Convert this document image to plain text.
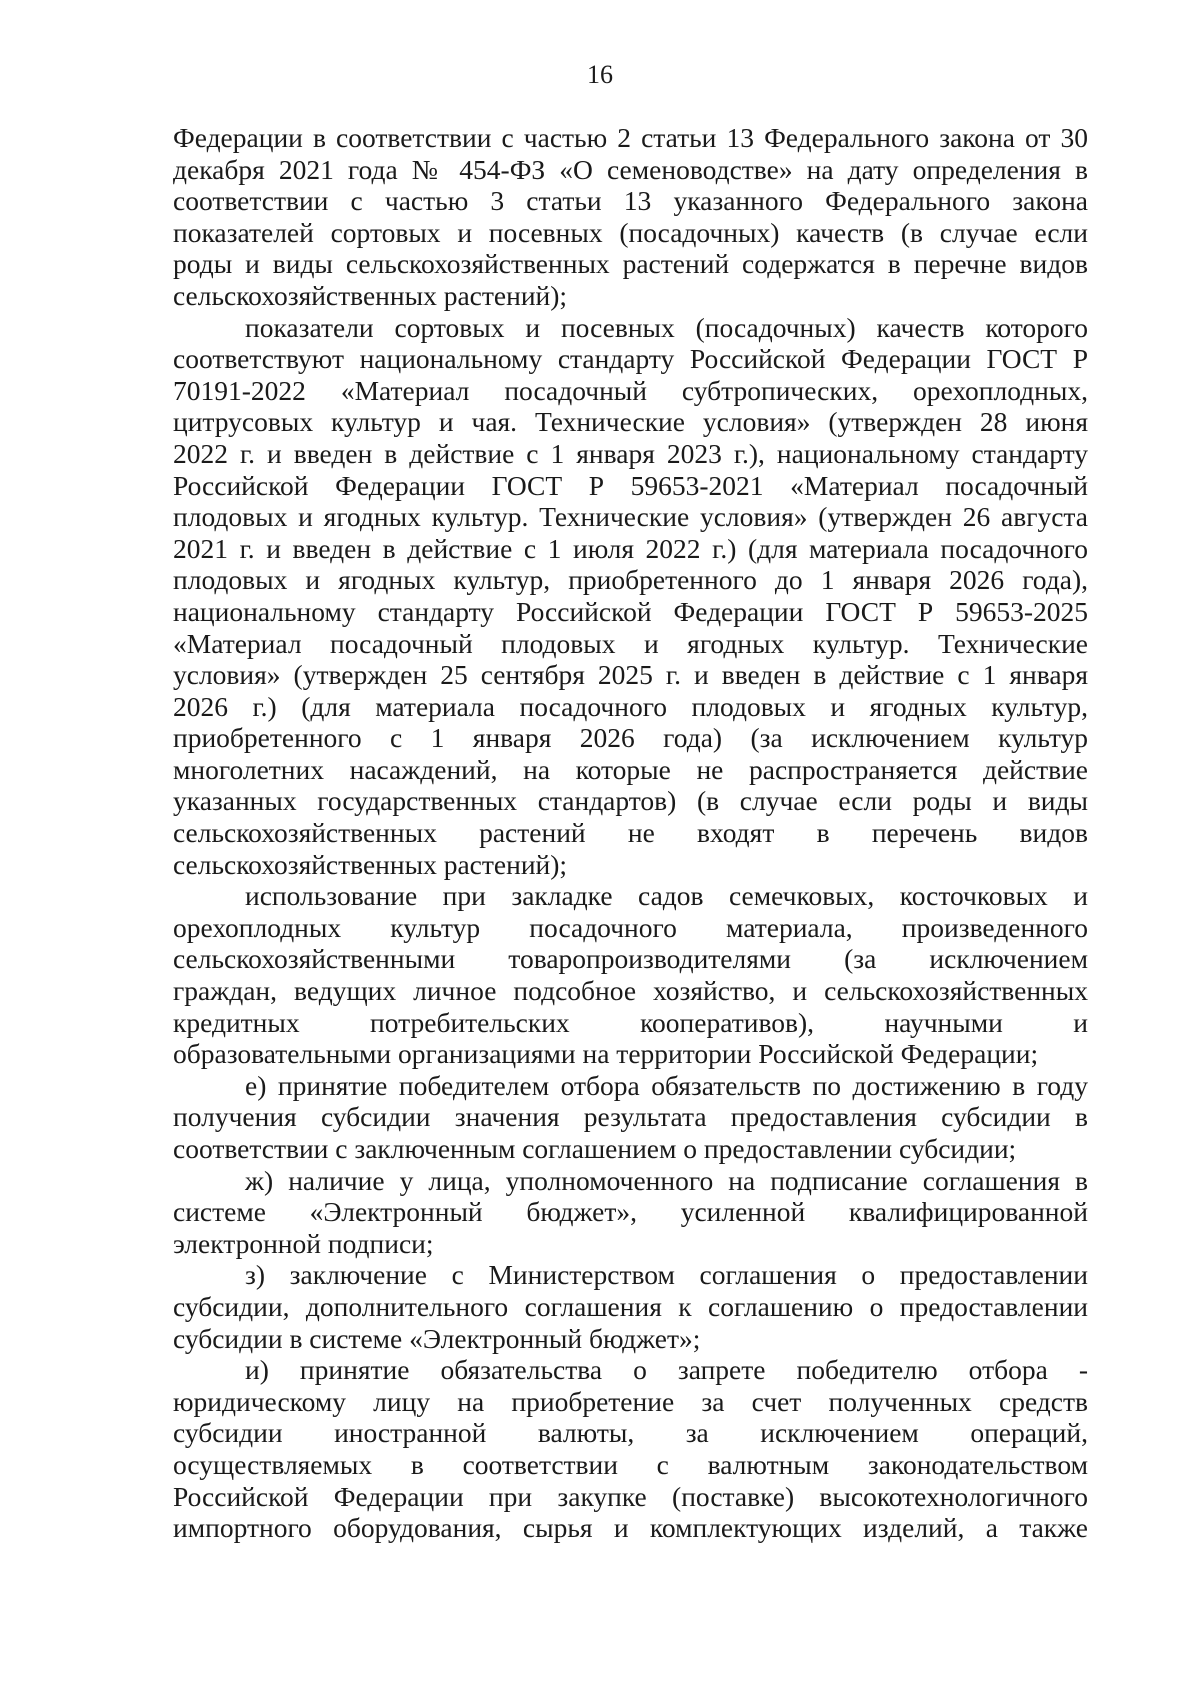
16
Федерации в соответствии с частью 2 статьи 13 Федерального закона от 30
декабря 2021 года № 454-ФЗ «О семеноводстве» на дату определения в
соответствии с частью 3 статьи 13 указанного Федерального закона
показателей сортовых и посевных (посадочных) качеств (в случае если
роды и виды сельскохозяйственных растений содержатся в перечне видов
сельскохозяйственных растений);
показатели сортовых и посевных (посадочных) качеств которого
соответствуют национальному стандарту Российской Федерации ГОСТ Р
70191-2022 «Материал посадочный субтропических, орехоплодных,
цитрусовых культур и чая. Технические условия» (утвержден 28 июня
2022 г. и введен в действие с 1 января 2023 г.), национальному стандарту
Российской Федерации ГОСТ Р 59653-2021 «Материал посадочный
плодовых и ягодных культур. Технические условия» (утвержден 26 августа
2021 г. и введен в действие с 1 июля 2022 г.) (для материала посадочного
плодовых и ягодных культур, приобретенного до 1 января 2026 года),
национальному стандарту Российской Федерации ГОСТ Р 59653-2025
«Материал посадочный плодовых и ягодных культур. Технические
условия» (утвержден 25 сентября 2025 г. и введен в действие с 1 января
2026 г.) (для материала посадочного плодовых и ягодных культур,
приобретенного с 1 января 2026 года) (за исключением культур
многолетних насаждений, на которые не распространяется действие
указанных государственных стандартов) (в случае если роды и виды
сельскохозяйственных растений не входят в перечень видов
сельскохозяйственных растений);
использование при закладке садов семечковых, косточковых и
орехоплодных культур посадочного материала, произведенного
сельскохозяйственными товаропроизводителями (за исключением
граждан, ведущих личное подсобное хозяйство, и сельскохозяйственных
кредитных потребительских кооперативов), научными и
образовательными организациями на территории Российской Федерации;
е) принятие победителем отбора обязательств по достижению в году
получения субсидии значения результата предоставления субсидии в
соответствии с заключенным соглашением о предоставлении субсидии;
ж) наличие у лица, уполномоченного на подписание соглашения в
системе «Электронный бюджет», усиленной квалифицированной
электронной подписи;
з) заключение с Министерством соглашения о предоставлении
субсидии, дополнительного соглашения к соглашению о предоставлении
субсидии в системе «Электронный бюджет»;
и) принятие обязательства о запрете победителю отбора -
юридическому лицу на приобретение за счет полученных средств
субсидии иностранной валюты, за исключением операций,
осуществляемых в соответствии с валютным законодательством
Российской Федерации при закупке (поставке) высокотехнологичного
импортного оборудования, сырья и комплектующих изделий, а также
